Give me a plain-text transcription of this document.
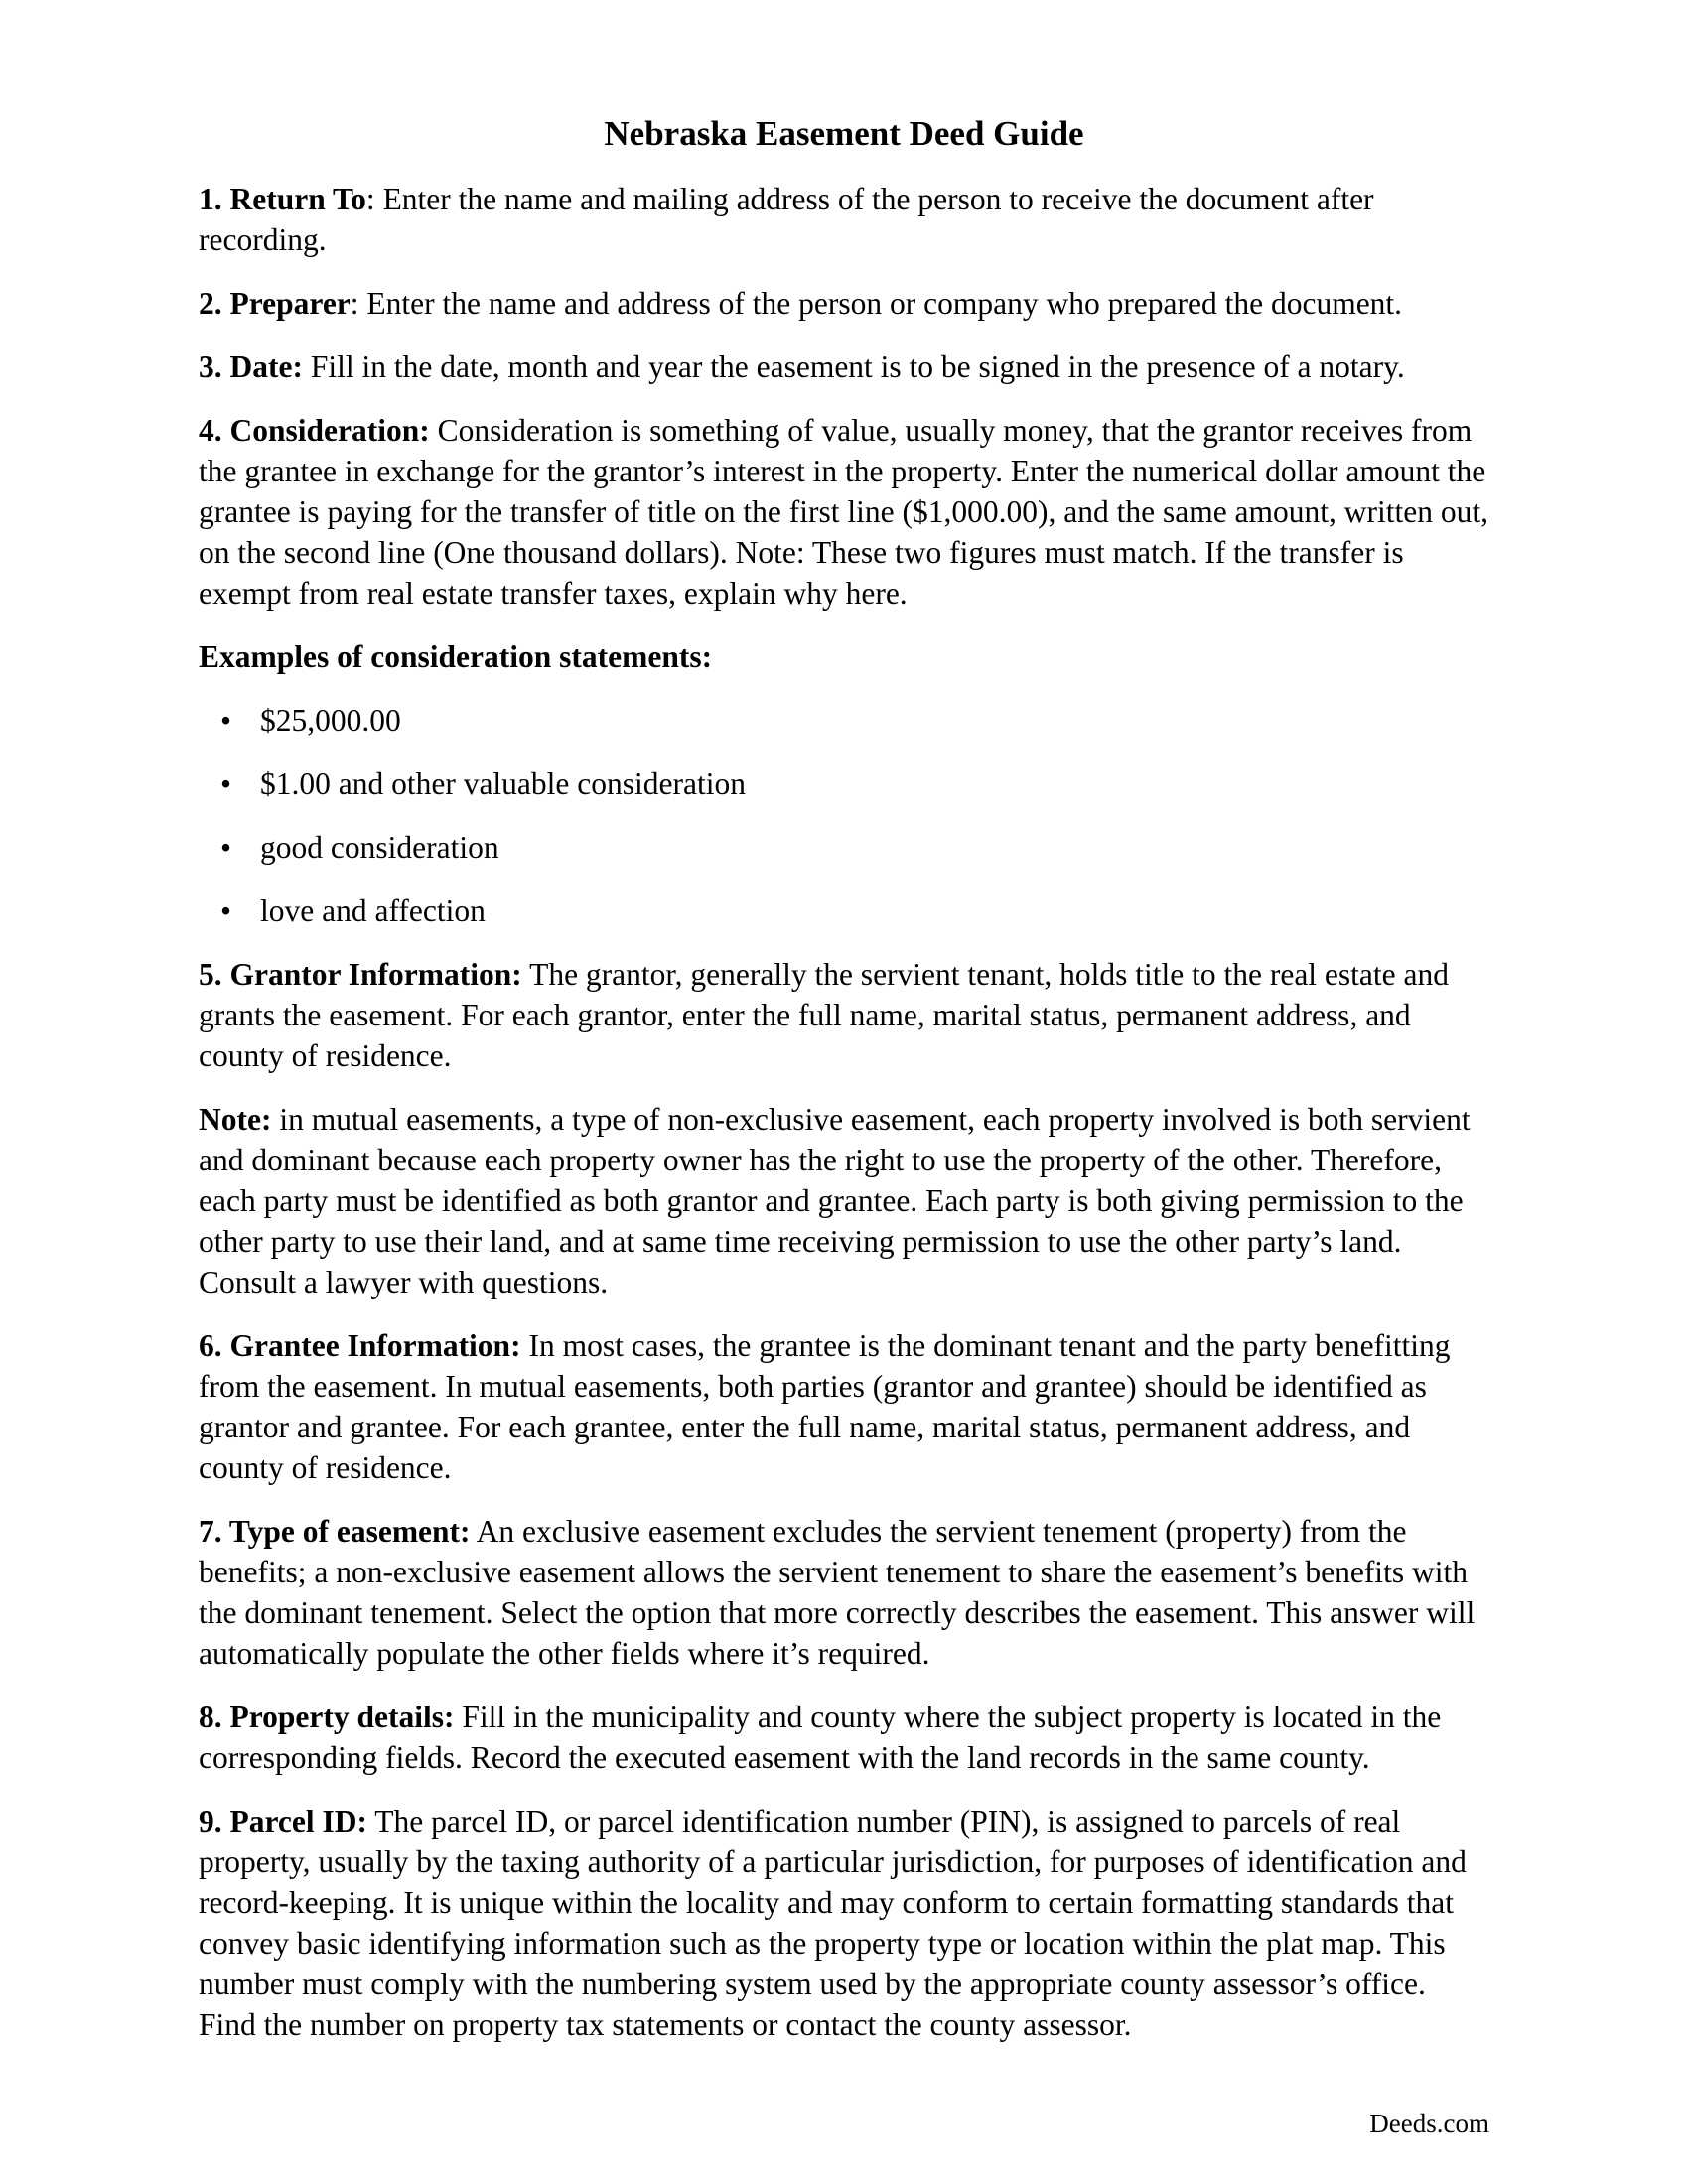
Nebraska Easement Deed Guide

1. Return To: Enter the name and mailing address of the person to receive the document after recording.

2. Preparer: Enter the name and address of the person or company who prepared the document.

3. Date: Fill in the date, month and year the easement is to be signed in the presence of a notary.

4. Consideration: Consideration is something of value, usually money, that the grantor receives from the grantee in exchange for the grantor’s interest in the property. Enter the numerical dollar amount the grantee is paying for the transfer of title on the first line ($1,000.00), and the same amount, written out, on the second line (One thousand dollars). Note: These two figures must match. If the transfer is exempt from real estate transfer taxes, explain why here.

Examples of consideration statements:

• $25,000.00
• $1.00 and other valuable consideration
• good consideration
• love and affection

5. Grantor Information: The grantor, generally the servient tenant, holds title to the real estate and grants the easement. For each grantor, enter the full name, marital status, permanent address, and county of residence.

Note: in mutual easements, a type of non-exclusive easement, each property involved is both servient and dominant because each property owner has the right to use the property of the other. Therefore, each party must be identified as both grantor and grantee. Each party is both giving permission to the other party to use their land, and at same time receiving permission to use the other party’s land. Consult a lawyer with questions.

6. Grantee Information: In most cases, the grantee is the dominant tenant and the party benefitting from the easement. In mutual easements, both parties (grantor and grantee) should be identified as grantor and grantee. For each grantee, enter the full name, marital status, permanent address, and county of residence.

7. Type of easement: An exclusive easement excludes the servient tenement (property) from the benefits; a non-exclusive easement allows the servient tenement to share the easement’s benefits with the dominant tenement. Select the option that more correctly describes the easement. This answer will automatically populate the other fields where it’s required.

8. Property details: Fill in the municipality and county where the subject property is located in the corresponding fields. Record the executed easement with the land records in the same county.

9. Parcel ID: The parcel ID, or parcel identification number (PIN), is assigned to parcels of real property, usually by the taxing authority of a particular jurisdiction, for purposes of identification and record-keeping. It is unique within the locality and may conform to certain formatting standards that convey basic identifying information such as the property type or location within the plat map. This number must comply with the numbering system used by the appropriate county assessor’s office. Find the number on property tax statements or contact the county assessor.

Deeds.com
